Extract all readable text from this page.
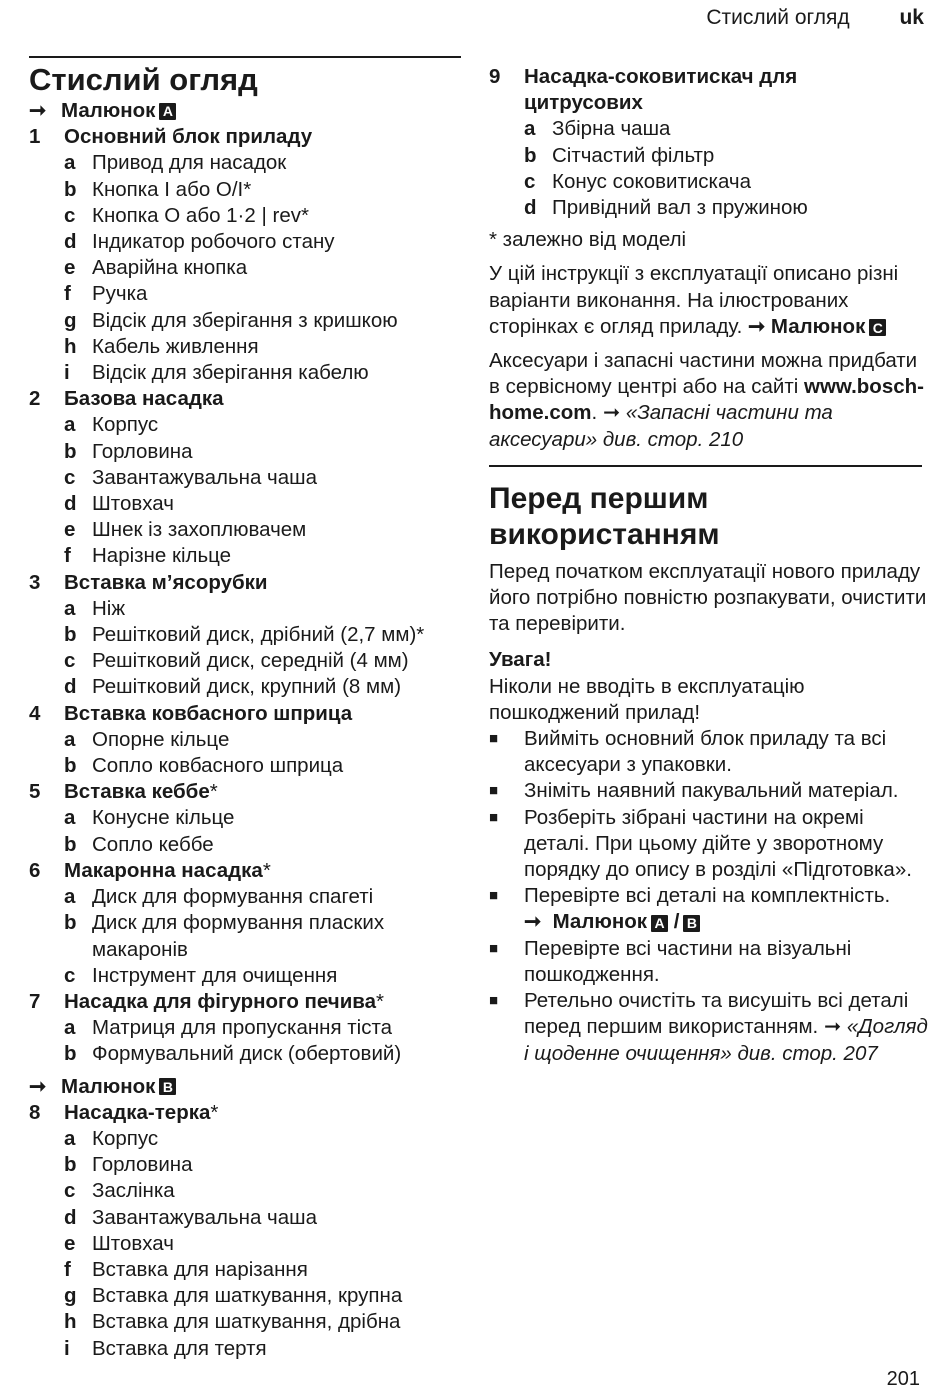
Стислий огляд uk
Стислий огляд
➞ Малюнок A
1	Основний блок приладу
a Привод для насадок
b Кнопка I або O/I*
c Кнопка O або 1·2 | rev*
d Індикатор робочого стану
e Аварійна кнопка
f	Ручка
g Відсік для зберігання з кришкою
h Кабель живлення
i	Відсік для зберігання кабелю
2	Базова насадка
a Корпус
b Горловина
c Завантажувальна чаша
d Штовхач
e Шнек із захоплювачем
f	Нарізне кільце
3	Вставка м’ясорубки
a Ніж
b Решітковий диск, дрібний (2,7 мм)*
c Решітковий диск, середній (4 мм)
d Решітковий диск, крупний (8 мм)
4	Вставка ковбасного шприца
a Опорне кільце
b Сопло ковбасного шприца
5	Вставка кеббе *
a Конусне кільце
b Сопло кеббе
6	Макаронна насадка *
a Диск для формування спагеті
b Диск для формування пласких макаронів
c Інструмент для очищення
7	Насадка для фігурного печива *
a Матриця для пропускання тіста
b Формувальний диск (обертовий)
➞ Малюнок B
8	Насадка-терка *
a Корпус
b Горловина
c Заслінка
d Завантажувальна чаша
e Штовхач
f	Вставка для нарізання
g Вставка для шаткування, крупна
h Вставка для шаткування, дрібна
i	Вставка для тертя
9	Насадка-соковитискач для цитрусових
a Збірна чаша
b Сітчастий фільтр
c Конус соковитискача
d Привідний вал з пружиною

* залежно від моделі

У цій інструкції з експлуатації описано різні варіанти виконання. На ілюстрованих сторінках є огляд приладу. ➞ Малюнок C

Аксесуари і запасні частини можна придбати в сервісному центрі або на сайті www.bosch-home.com. ➞ «Запасні частини та аксесуари» див. стор. 210

Перед першим використанням

Перед початком експлуатації нового приладу його потрібно повністю розпакувати, очистити та перевірити.

Увага!

Ніколи не вводіть в експлуатацію пошкоджений прилад!

■	Вийміть основний блок приладу та всі аксесуари з упаковки.
■	Зніміть наявний пакувальний матеріал.
■	Розберіть зібрані частини на окремі деталі. При цьому дійте у зворотному порядку до опису в розділі «Підготовка».
■	Перевірте всі деталі на комплектність.
➞ Малюнок A / B
■	Перевірте всі частини на візуальні пошкодження.
■	Ретельно очистіть та висушіть всі деталі перед першим використанням. ➞ «Догляд і щоденне очищення» див. стор. 207
201
